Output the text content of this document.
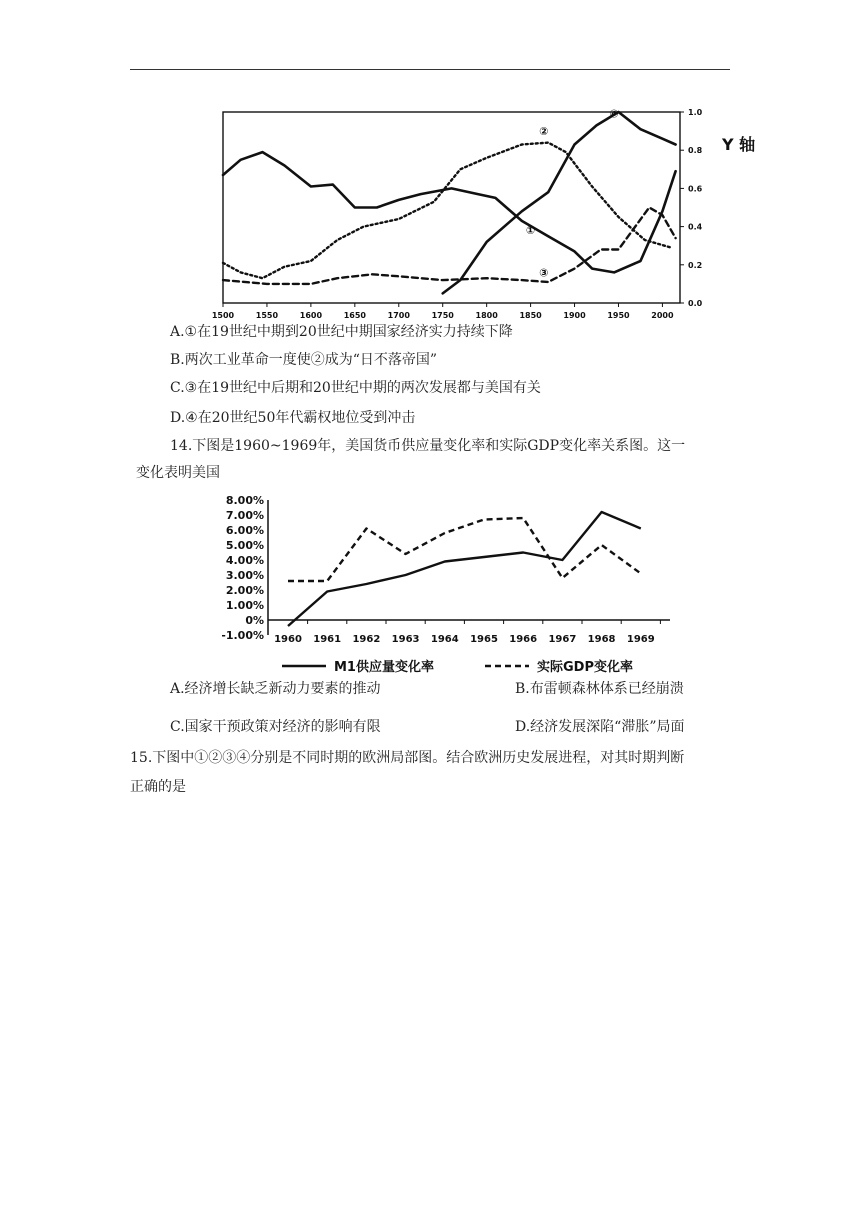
1500	1550	1600	1650	1700	1750	1800	1850	1900	1950	2000
0.0
0.2
0.4
0.6
0.8
1.0
Y 轴
①
②
③
④
A.①在19世纪中期到20世纪中期国家经济实力持续下降
B.两次工业革命一度使②成为“日不落帝国”
C.③在19世纪中后期和20世纪中期的两次发展都与美国有关
D.④在20世纪50年代霸权地位受到冲击
14.下图是1960~1969年，美国货币供应量变化率和实际GDP变化率关系图。这一
变化表明美国
8.00%
7.00%
6.00%
5.00%
4.00%
3.00%
2.00%
1.00%
0%
-1.00% 1960 1961 1962 1963 1964 1965 1966 1967 1968 1969
M1供应量变化率	实际GDP变化率
A.经济增长缺乏新动力要素的推动	B.布雷顿森林体系已经崩溃
C.国家干预政策对经济的影响有限	D.经济发展深陷“滞胀”局面
15.下图中①②③④分别是不同时期的欧洲局部图。结合欧洲历史发展进程，对其时期判断
正确的是
